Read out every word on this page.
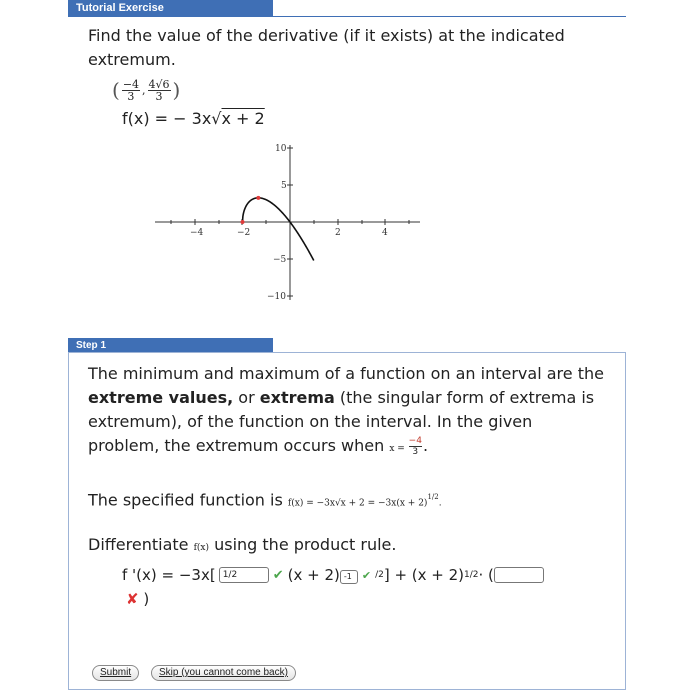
Tutorial Exercise
Find the value of the derivative (if it exists) at the indicated extremum.
( $\frac{-4}{3}$ , $\frac{4√6}{3}$ )
f(x) = − 3x√x + 2
−4	−2	2	4
10
5
−5
−10
Step 1
The minimum and maximum of a function on an interval are the extreme values, or extrema (the singular form of extrema is extremum), of the function on the interval. In the given problem, the extremum occurs when $x = \frac{-4}{3}$ .
The specified function is $f(x) = -3x√x + 2 = -3x(x + 2)^{1/2}$.
Differentiate f(x) using the product rule.
f '(x) = −3x[ 1/2	✔ (x + 2) -1 ✔ /2 ] + (x + 2) 1/2 · (
✘ )
Submit	Skip (you cannot come back)
